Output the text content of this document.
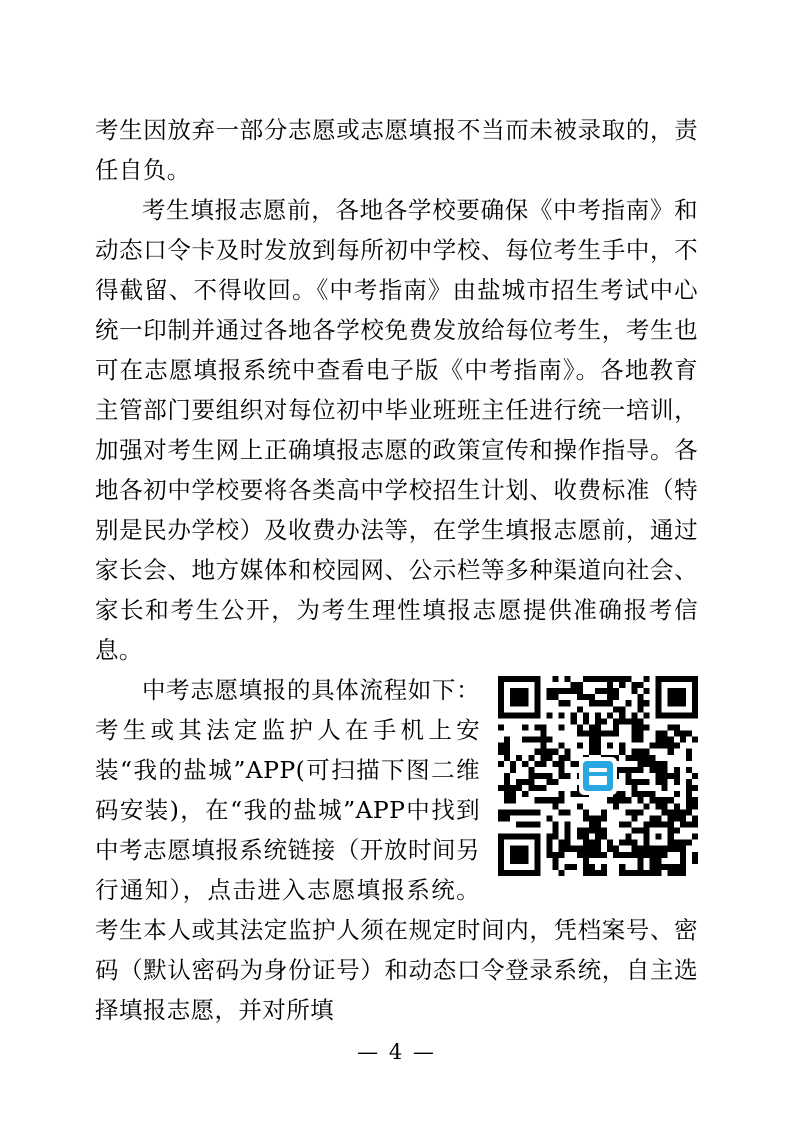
考生因放弃一部分志愿或志愿填报不当而未被录取的，责任自负。

考生填报志愿前，各地各学校要确保《中考指南》和动态口令卡及时发放到每所初中学校、每位考生手中，不得截留、不得收回。《中考指南》由盐城市招生考试中心统一印制并通过各地各学校免费发放给每位考生，考生也可在志愿填报系统中查看电子版《中考指南》。各地教育主管部门要组织对每位初中毕业班班主任进行统一培训，加强对考生网上正确填报志愿的政策宣传和操作指导。各地各初中学校要将各类高中学校招生计划、收费标准（特别是民办学校）及收费办法等，在学生填报志愿前，通过家长会、地方媒体和校园网、公示栏等多种渠道向社会、家长和考生公开，为考生理性填报志愿提供准确报考信息。

中考志愿填报的具体流程如下：考生或其法定监护人在手机上安装“我的盐城”APP(可扫描下图二维码安装)，在“我的盐城”APP中找到中考志愿填报系统链接（开放时间另行通知），点击进入志愿填报系统。考生本人或其法定监护人须在规定时间内，凭档案号、密码（默认密码为身份证号）和动态口令登录系统，自主选择填报志愿，并对所填

— 4 —
